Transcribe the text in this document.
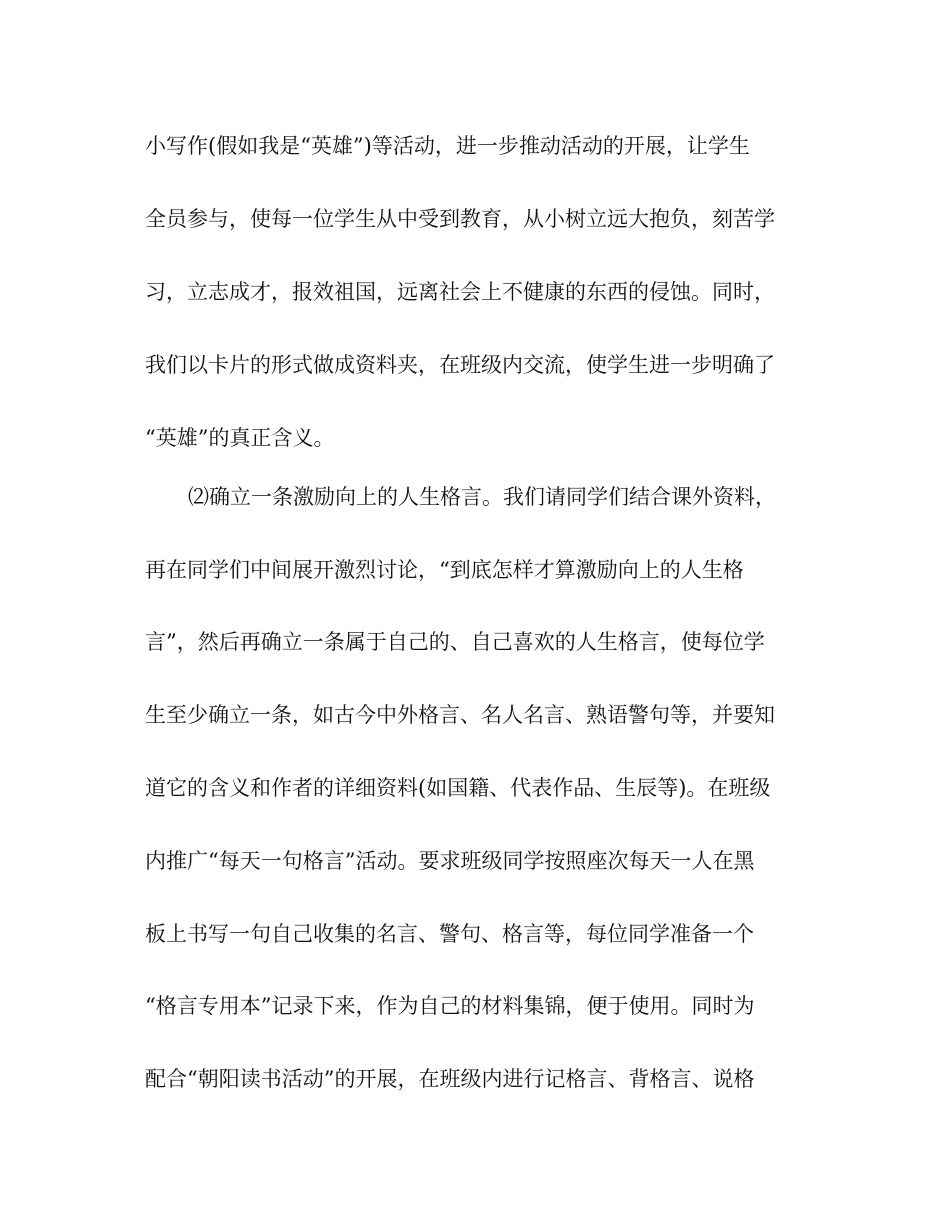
小写作(假如我是“英雄”)等活动，进一步推动活动的开展，让学生
全员参与，使每一位学生从中受到教育，从小树立远大抱负，刻苦学
习，立志成才，报效祖国，远离社会上不健康的东西的侵蚀。同时，
我们以卡片的形式做成资料夹，在班级内交流，使学生进一步明确了
“英雄”的真正含义。
⑵确立一条激励向上的人生格言。我们请同学们结合课外资料，
再在同学们中间展开激烈讨论，“到底怎样才算激励向上的人生格
言”，然后再确立一条属于自己的、自己喜欢的人生格言，使每位学
生至少确立一条，如古今中外格言、名人名言、熟语警句等，并要知
道它的含义和作者的详细资料(如国籍、代表作品、生辰等)。在班级
内推广“每天一句格言”活动。要求班级同学按照座次每天一人在黑
板上书写一句自己收集的名言、警句、格言等，每位同学准备一个
“格言专用本”记录下来，作为自己的材料集锦，便于使用。同时为
配合“朝阳读书活动”的开展，在班级内进行记格言、背格言、说格
